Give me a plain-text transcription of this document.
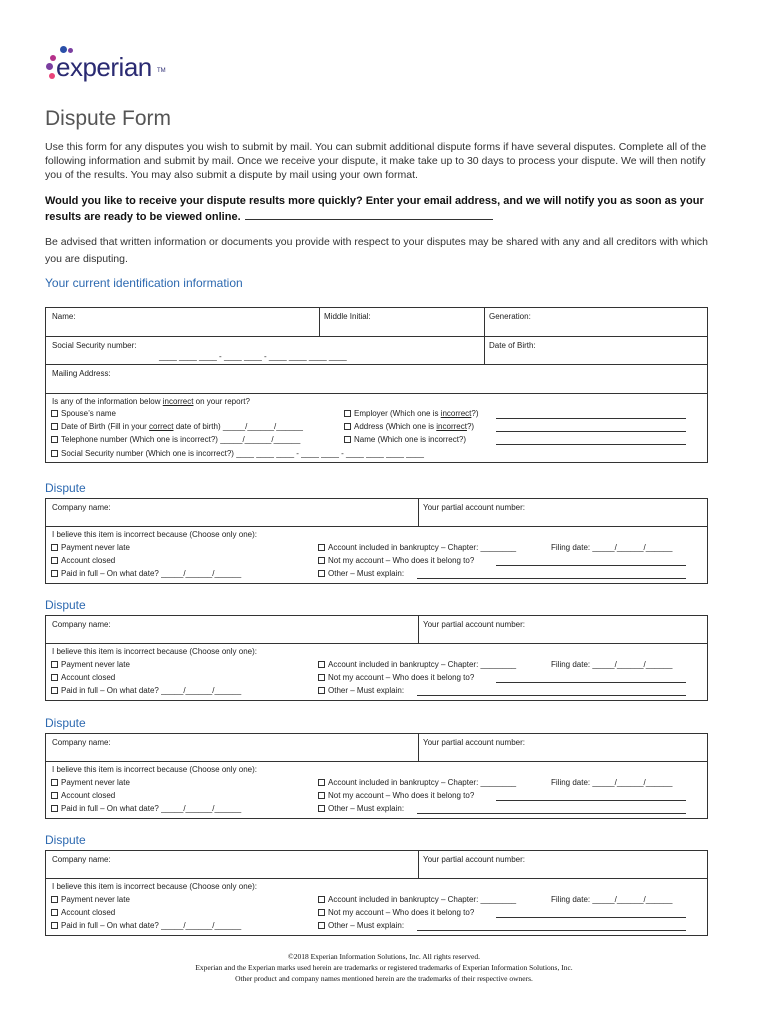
experian TM
Dispute Form
Use this form for any disputes you wish to submit by mail. You can submit additional dispute forms if have several disputes. Complete all of the following information and submit by mail. Once we receive your dispute, it make take up to 30 days to process your dispute. We will then notify you of the results. You may also submit a dispute by mail using your own format.
Would you like to receive your dispute results more quickly? Enter your email address, and we will notify you as soon as your results are ready to be viewed online.
Be advised that written information or documents you provide with respect to your disputes may be shared with any and all creditors with which you are disputing.
Your current identification information
Name:	Middle Initial:	Generation:
Social Security number:
____ ____ ____ - ____ ____ - ____ ____ ____ ____
Date of Birth:
Mailing Address:
Is any of the information below incorrect on your report?
Spouse’s name
Date of Birth (Fill in your correct date of birth) _____/______/______
Telephone number (Which one is incorrect?) _____/______/______
Social Security number (Which one is incorrect?) ____ ____ ____ - ____ ____ - ____ ____ ____ ____
Employer (Which one is incorrect?)
Address (Which one is incorrect?)
Name (Which one is incorrect?)
Dispute
Company name:	Your partial account number:
I believe this item is incorrect because (Choose only one):
Payment never late
Account closed
Paid in full – On what date? _____/______/______
Account included in bankruptcy – Chapter: ________	Filing date: _____/______/______
Not my account – Who does it belong to?
Other – Must explain:
Dispute
Company name:	Your partial account number:
I believe this item is incorrect because (Choose only one):
Payment never late
Account closed
Paid in full – On what date? _____/______/______
Account included in bankruptcy – Chapter: ________	Filing date: _____/______/______
Not my account – Who does it belong to?
Other – Must explain:
Dispute
Company name:	Your partial account number:
I believe this item is incorrect because (Choose only one):
Payment never late
Account closed
Paid in full – On what date? _____/______/______
Account included in bankruptcy – Chapter: ________	Filing date: _____/______/______
Not my account – Who does it belong to?
Other – Must explain:
Dispute
Company name:	Your partial account number:
I believe this item is incorrect because (Choose only one):
Payment never late
Account closed
Paid in full – On what date? _____/______/______
Account included in bankruptcy – Chapter: ________	Filing date: _____/______/______
Not my account – Who does it belong to?
Other – Must explain:
©2018 Experian Information Solutions, Inc. All rights reserved.
Experian and the Experian marks used herein are trademarks or registered trademarks of Experian Information Solutions, Inc.
Other product and company names mentioned herein are the trademarks of their respective owners.
